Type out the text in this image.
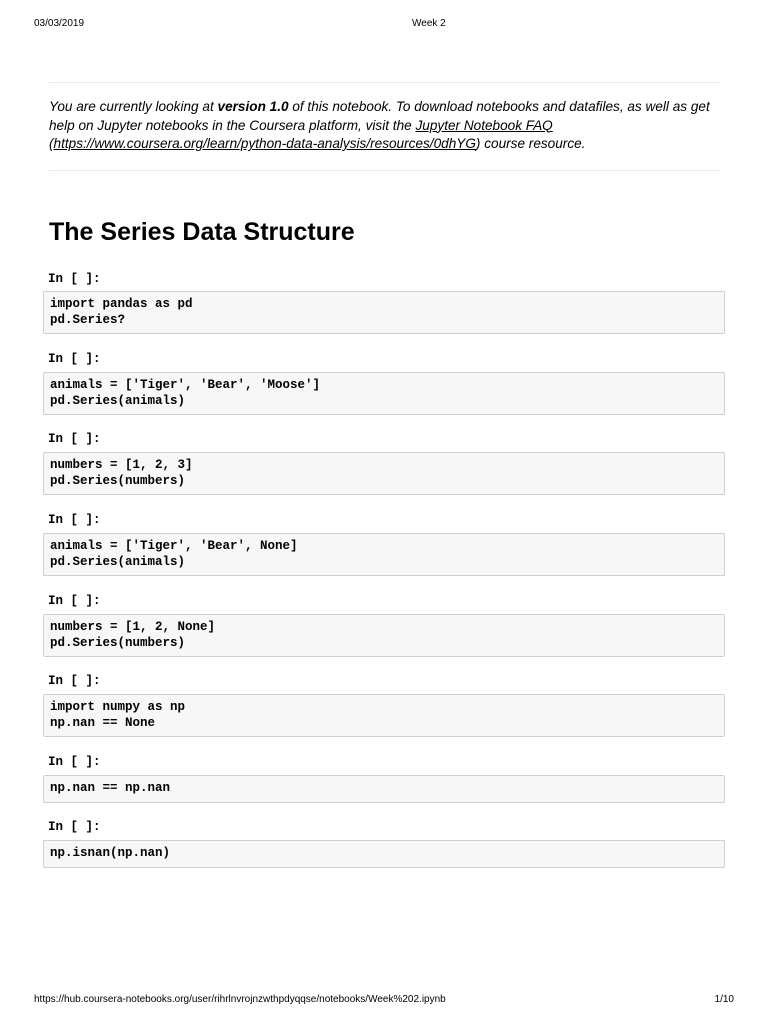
03/03/2019	Week 2
You are currently looking at version 1.0 of this notebook. To download notebooks and datafiles, as well as get help on Jupyter notebooks in the Coursera platform, visit the Jupyter Notebook FAQ (https://www.coursera.org/learn/python-data-analysis/resources/0dhYG) course resource.
The Series Data Structure
In [ ]:
import pandas as pd
pd.Series?
In [ ]:
animals = ['Tiger', 'Bear', 'Moose']
pd.Series(animals)
In [ ]:
numbers = [1, 2, 3]
pd.Series(numbers)
In [ ]:
animals = ['Tiger', 'Bear', None]
pd.Series(animals)
In [ ]:
numbers = [1, 2, None]
pd.Series(numbers)
In [ ]:
import numpy as np
np.nan == None
In [ ]:
np.nan == np.nan
In [ ]:
np.isnan(np.nan)
https://hub.coursera-notebooks.org/user/rihrlnvrojnzwthpdyqqse/notebooks/Week%202.ipynb	1/10
